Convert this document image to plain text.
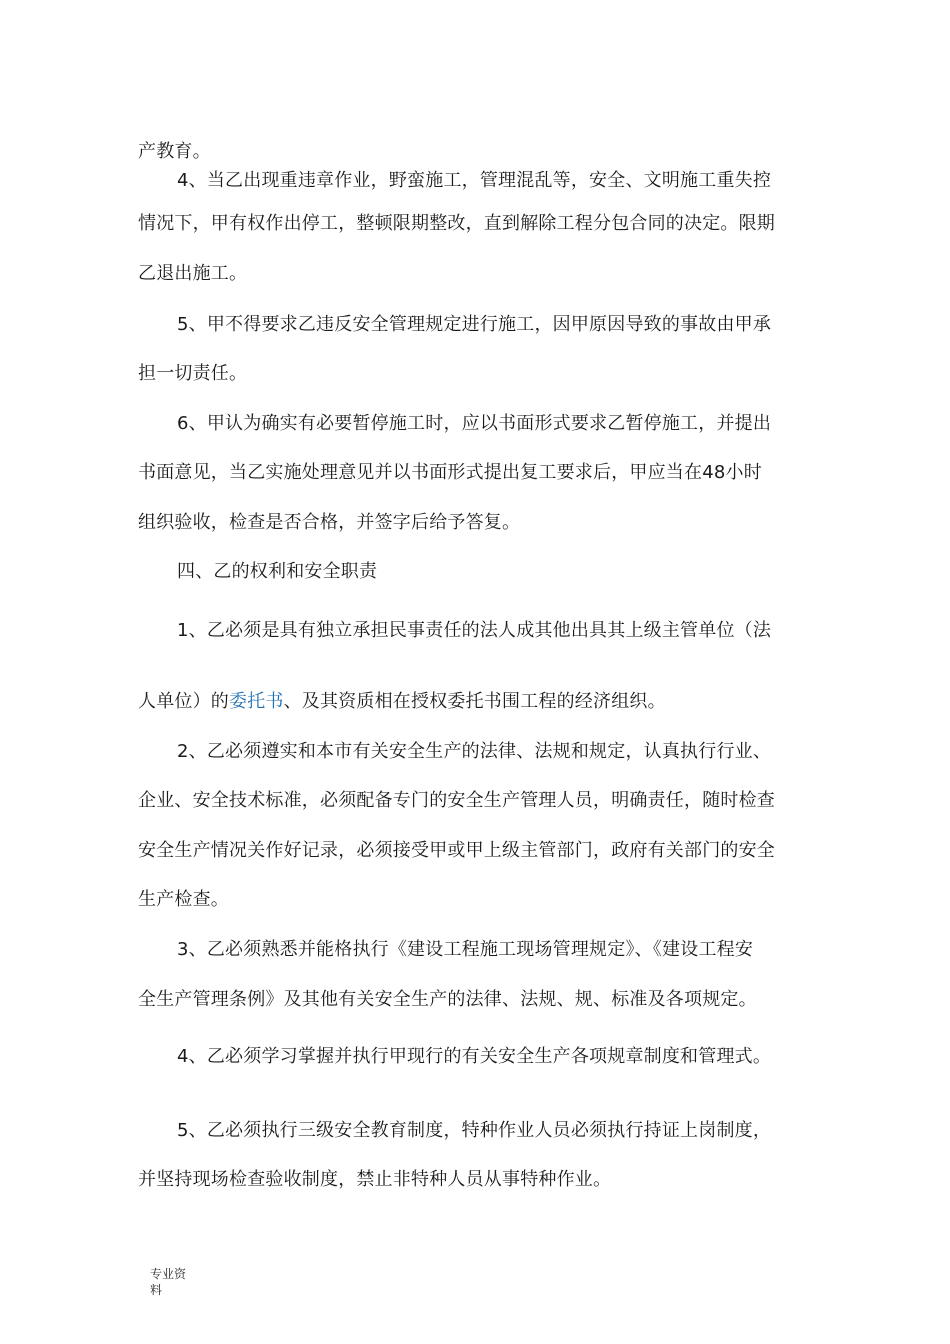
产教育。
4、当乙出现重违章作业，野蛮施工，管理混乱等，安全、文明施工重失控
情况下，甲有权作出停工，整顿限期整改，直到解除工程分包合同的决定。限期
乙退出施工。
5、甲不得要求乙违反安全管理规定进行施工，因甲原因导致的事故由甲承
担一切责任。
6、甲认为确实有必要暂停施工时，应以书面形式要求乙暂停施工，并提出
书面意见，当乙实施处理意见并以书面形式提出复工要求后，甲应当在48小时
组织验收，检查是否合格，并签字后给予答复。
四、乙的权利和安全职责
1、乙必须是具有独立承担民事责任的法人成其他出具其上级主管单位（法
人单位）的委托书、及其资质相在授权委托书围工程的经济组织。
2、乙必须遵实和本市有关安全生产的法律、法规和规定，认真执行行业、
企业、安全技术标准，必须配备专门的安全生产管理人员，明确责任，随时检查
安全生产情况关作好记录，必须接受甲或甲上级主管部门，政府有关部门的安全
生产检查。
3、乙必须熟悉并能格执行《建设工程施工现场管理规定》、《建设工程安
全生产管理条例》及其他有关安全生产的法律、法规、规、标准及各项规定。
4、乙必须学习掌握并执行甲现行的有关安全生产各项规章制度和管理式。
5、乙必须执行三级安全教育制度，特种作业人员必须执行持证上岗制度，
并坚持现场检查验收制度，禁止非特种人员从事特种作业。
专业资
料
